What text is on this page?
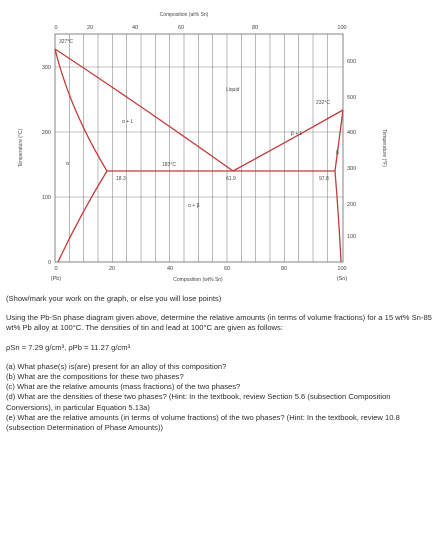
Composition (at% Sn)
0	20	40	60	80	100
327°C
232°C
Liquid
α + L
β + L
183°C
α
β
18.3	61.9	97.8
α + β
0
100
200
300
Temperature (°C)
100
200
300
400
500
600
Temperature (°F)
0	20	40	60	80	100
(Pb)	(Sn)
Composition (wt% Sn)

(Show/mark your work on the graph, or else you will lose points)

Using the Pb-Sn phase diagram given above, determine the relative amounts (in terms of volume fractions) for a 15 wt% Sn-85 wt% Pb alloy at 100°C. The densities of tin and lead at 100°C are given as follows:

ρSn = 7.29 g/cm³, ρPb = 11.27 g/cm³

(a) What phase(s) is(are) present for an alloy of this composition?

(b) What are the compositions for these two phases?

(c) What are the relative amounts (mass fractions) of the two phases?

(d) What are the densities of these two phases? (Hint: In the textbook, review Section 5.6 (subsection Composition Conversions), in particular Equation 5.13a)

(e) What are the relative amounts (in terms of volume fractions) of the two phases? (Hint: In the textbook, review 10.8 (subsection Determination of Phase Amounts))
